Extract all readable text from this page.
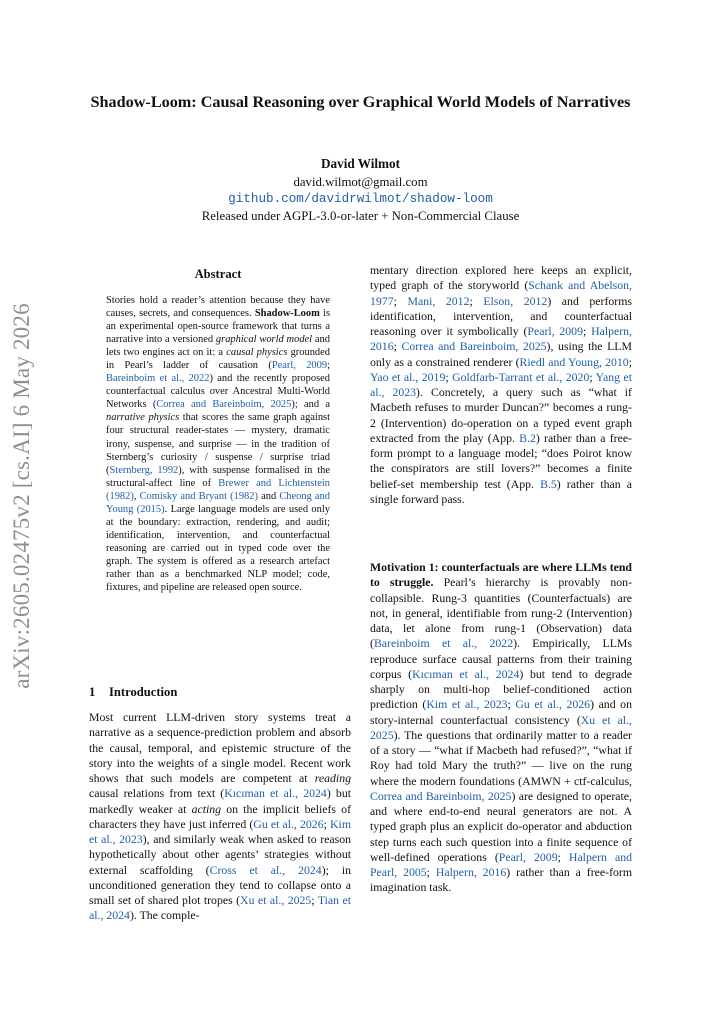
arXiv:2605.02475v2 [cs.AI] 6 May 2026
Shadow-Loom: Causal Reasoning over Graphical World Models of Narratives
David Wilmot
david.wilmot@gmail.com
github.com/davidrwilmot/shadow-loom
Released under AGPL-3.0-or-later + Non-Commercial Clause
Abstract

Stories hold a reader’s attention because they have causes, secrets, and consequences. Shadow-Loom is an experimental open-source framework that turns a narrative into a versioned graphical world model and lets two engines act on it: a causal physics grounded in Pearl’s ladder of causation (Pearl, 2009; Bareinboim et al., 2022) and the recently proposed counterfactual calculus over Ancestral Multi-World Networks (Correa and Bareinboim, 2025); and a narrative physics that scores the same graph against four structural reader-states — mystery, dramatic irony, suspense, and surprise — in the tradition of Sternberg’s curiosity / suspense / surprise triad (Sternberg, 1992), with suspense formalised in the structural-affect line of Brewer and Lichtenstein (1982), Comisky and Bryant (1982) and Cheong and Young (2015). Large language models are used only at the boundary: extraction, rendering, and audit; identification, intervention, and counterfactual reasoning are carried out in typed code over the graph. The system is offered as a research artefact rather than as a benchmarked NLP model; code, fixtures, and pipeline are released open source.

1 Introduction

Most current LLM-driven story systems treat a narrative as a sequence-prediction problem and absorb the causal, temporal, and epistemic structure of the story into the weights of a single model. Recent work shows that such models are competent at reading causal relations from text (Kıcıman et al., 2024) but markedly weaker at acting on the implicit beliefs of characters they have just inferred (Gu et al., 2026; Kim et al., 2023), and similarly weak when asked to reason hypothetically about other agents’ strategies without external scaffolding (Cross et al., 2024); in unconditioned generation they tend to collapse onto a small set of shared plot tropes (Xu et al., 2025; Tian et al., 2024). The comple-

mentary direction explored here keeps an explicit, typed graph of the storyworld (Schank and Abelson, 1977; Mani, 2012; Elson, 2012) and performs identification, intervention, and counterfactual reasoning over it symbolically (Pearl, 2009; Halpern, 2016; Correa and Bareinboim, 2025), using the LLM only as a constrained renderer (Riedl and Young, 2010; Yao et al., 2019; Goldfarb-Tarrant et al., 2020; Yang et al., 2023). Concretely, a query such as “what if Macbeth refuses to murder Duncan?” becomes a rung-2 (Intervention) do-operation on a typed event graph extracted from the play (App. B.2) rather than a free-form prompt to a language model; “does Poirot know the conspirators are still lovers?” becomes a finite belief-set membership test (App. B.5) rather than a single forward pass.

Motivation 1: counterfactuals are where LLMs tend to struggle. Pearl’s hierarchy is provably non-collapsible. Rung-3 quantities (Counterfactuals) are not, in general, identifiable from rung-2 (Intervention) data, let alone from rung-1 (Observation) data (Bareinboim et al., 2022). Empirically, LLMs reproduce surface causal patterns from their training corpus (Kıcıman et al., 2024) but tend to degrade sharply on multi-hop belief-conditioned action prediction (Kim et al., 2023; Gu et al., 2026) and on story-internal counterfactual consistency (Xu et al., 2025). The questions that ordinarily matter to a reader of a story — “what if Macbeth had refused?”, “what if Roy had told Mary the truth?” — live on the rung where the modern foundations (AMWN + ctf-calculus, Correa and Bareinboim, 2025) are designed to operate, and where end-to-end neural generators are not. A typed graph plus an explicit do-operator and abduction step turns each such question into a finite sequence of well-defined operations (Pearl, 2009; Halpern and Pearl, 2005; Halpern, 2016) rather than a free-form imagination task.
